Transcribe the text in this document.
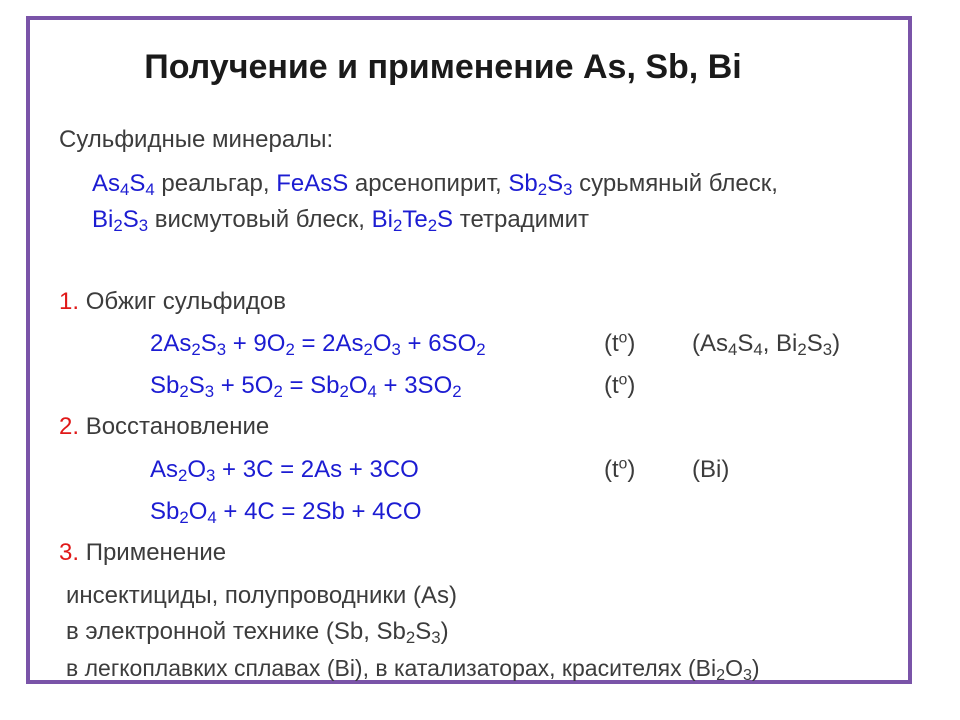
Получение и применение As, Sb, Bi
Сульфидные минералы:
$As_4S_4$ реальгар, FeAsS арсенопирит, $Sb_2S_3$ сурьмяный блеск,
$Bi_2S_3$ висмутовый блеск, $Bi_2Te_2S$ тетрадимит
1. Обжиг сульфидов
$2As_2S_3 + 9O_2 = 2As_2O_3 + 6SO_2$	$(t^o)$ ($As_4S_4$, $Bi_2S_3$)
$Sb_2S_3 + 5O_2 = Sb_2O_4 + 3SO_2$	$(t^o)$
2. Восстановление
$As_2O_3 + 3C = 2As + 3CO$	$(t^o)$ (Bi)
$Sb_2O_4 + 4C = 2Sb + 4CO$
3. Применение
инсектициды, полупроводники (As)
в электронной технике (Sb, $Sb_2S_3$)
в легкоплавких сплавах (Bi), в катализаторах, красителях $(Bi_2O_3)$
